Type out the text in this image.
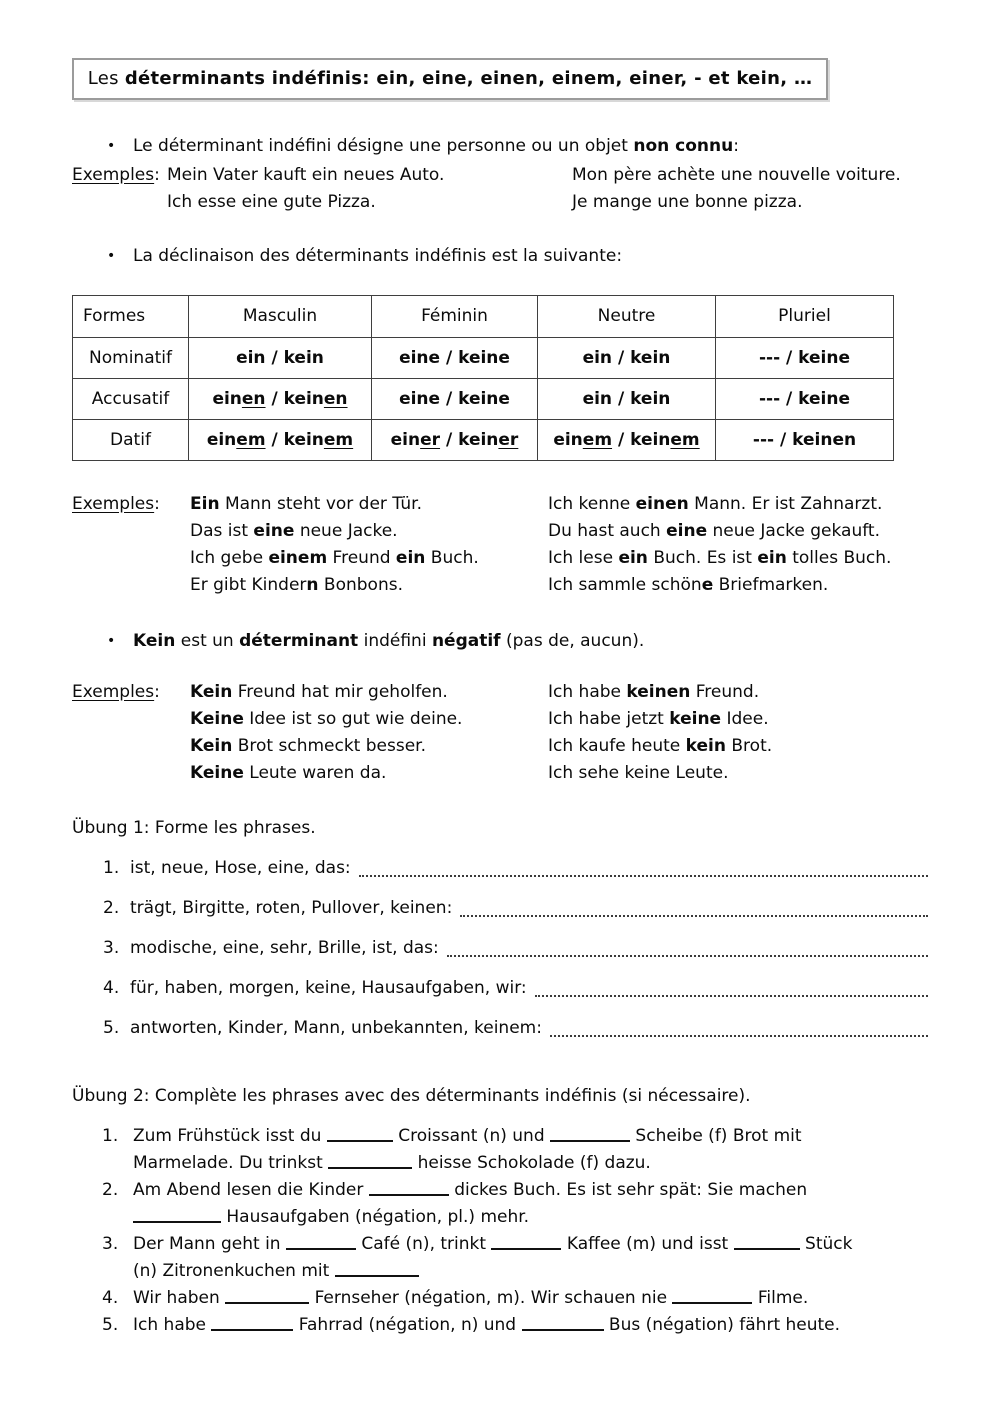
Les déterminants indéfinis: ein, eine, einen, einem, einer, - et kein, …
•	Le déterminant indéfini désigne une personne ou un objet non connu:
Exemples: Mein Vater kauft ein neues Auto.	Mon père achète une nouvelle voiture.
Ich esse eine gute Pizza.	Je mange une bonne pizza.
•	La déclinaison des déterminants indéfinis est la suivante:
Formes	Masculin	Féminin	Neutre	Pluriel
Nominatif	ein / kein	eine / keine	ein / kein	--- / keine
Accusatif	einen / keinen	eine / keine	ein / kein	--- / keine
Datif	einem / keinem	einer / keiner	einem / keinem	--- / keinen
Exemples:	Ein Mann steht vor der Tür.	Ich kenne einen Mann. Er ist Zahnarzt.
Das ist eine neue Jacke.	Du hast auch eine neue Jacke gekauft.
Ich gebe einem Freund ein Buch.	Ich lese ein Buch. Es ist ein tolles Buch.
Er gibt Kindern Bonbons.	Ich sammle schöne Briefmarken.
•	Kein est un déterminant indéfini négatif (pas de, aucun).
Exemples:	Kein Freund hat mir geholfen.	Ich habe keinen Freund.
Keine Idee ist so gut wie deine.	Ich habe jetzt keine Idee.
Kein Brot schmeckt besser.	Ich kaufe heute kein Brot.
Keine Leute waren da.	Ich sehe keine Leute.
Übung 1: Forme les phrases.
1. ist, neue, Hose, eine, das:
2. trägt, Birgitte, roten, Pullover, keinen:
3. modische, eine, sehr, Brille, ist, das:
4. für, haben, morgen, keine, Hausaufgaben, wir:
5. antworten, Kinder, Mann, unbekannten, keinem:
Übung 2: Complète les phrases avec des déterminants indéfinis (si nécessaire).
1. Zum Frühstück isst du	Croissant (n) und	Scheibe (f) Brot mit
Marmelade. Du trinkst	heisse Schokolade (f) dazu.
2. Am Abend lesen die Kinder	dickes Buch. Es ist sehr spät: Sie machen
Hausaufgaben (négation, pl.) mehr.
3. Der Mann geht in	Café (n), trinkt	Kaffee (m) und isst	Stück
(n) Zitronenkuchen mit
4. Wir haben	Fernseher (négation, m). Wir schauen nie	Filme.
5. Ich habe	Fahrrad (négation, n) und	Bus (négation) fährt heute.
